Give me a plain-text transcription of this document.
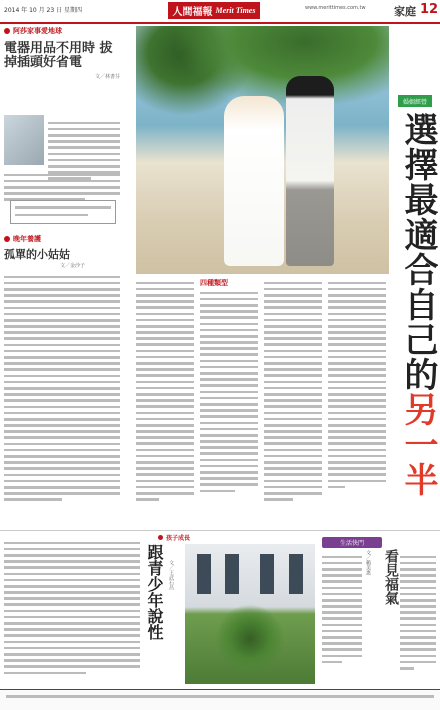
2014 年 10 月 23 日 星期四	人間福報 Merit Times	www.merittimes.com.tw	家庭 12
阿莎家事愛地球
電器用品不用時 拔掉插頭好省電
文／林書芬
晚年養護
孤單的小姑姑
文／金沙子
婚姻經營
選擇最適合自己的另一半
四種類型
孩子成長
跟青少年說性 文／王武石昌
生活快門
看見福氣
文／賴美惠
